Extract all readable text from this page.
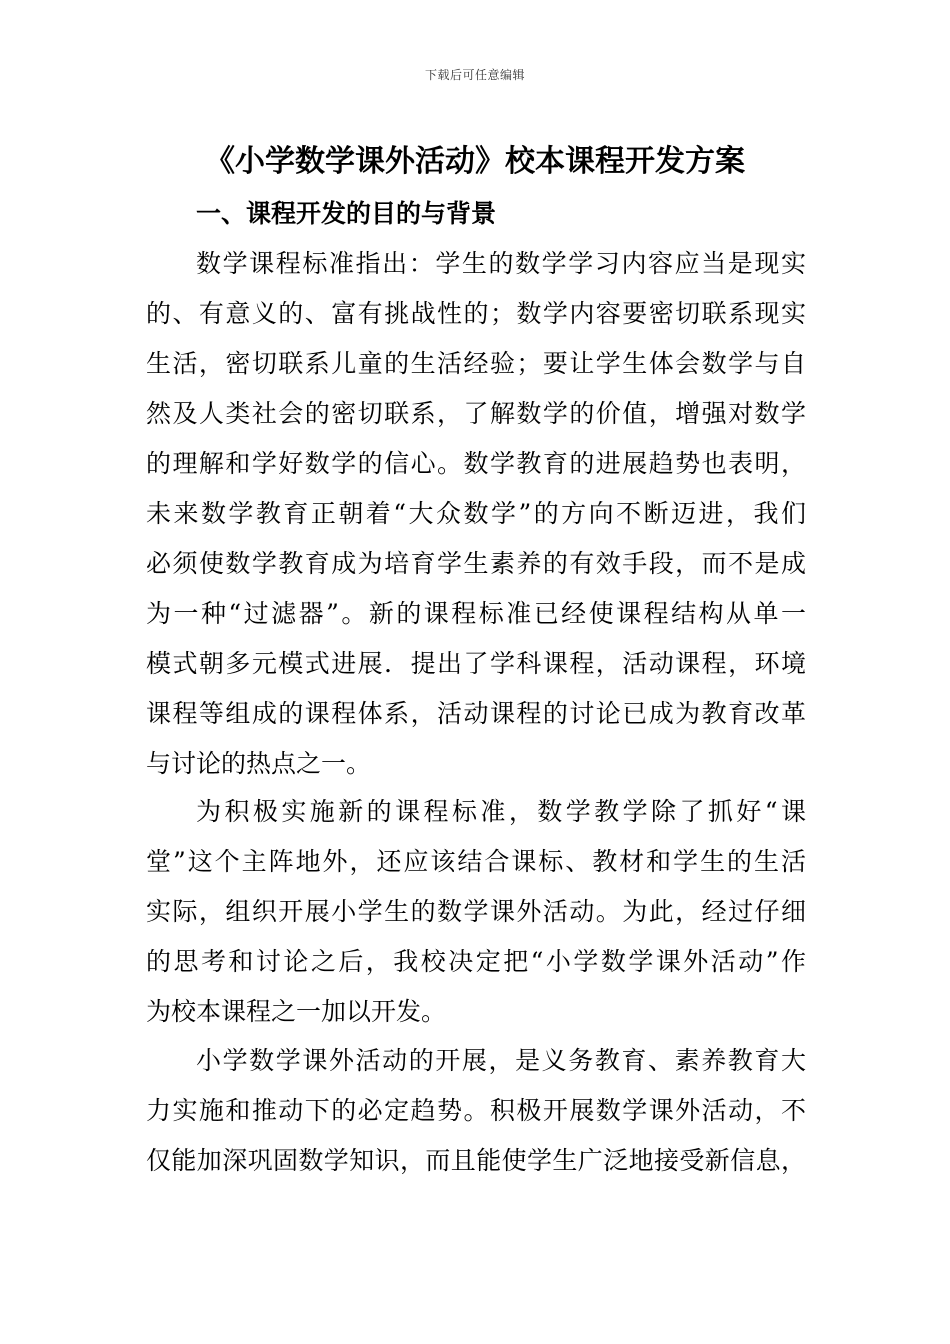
下载后可任意编辑
《小学数学课外活动》校本课程开发方案
一、课程开发的目的与背景
数学课程标准指出：学生的数学学习内容应当是现实
的、有意义的、富有挑战性的；数学内容要密切联系现实
生活，密切联系儿童的生活经验；要让学生体会数学与自
然及人类社会的密切联系，了解数学的价值，增强对数学
的理解和学好数学的信心。数学教育的进展趋势也表明，
未来数学教育正朝着“大众数学”的方向不断迈进，我们
必须使数学教育成为培育学生素养的有效手段，而不是成
为一种“过滤器”。新的课程标准已经使课程结构从单一
模式朝多元模式进展．提出了学科课程，活动课程，环境
课程等组成的课程体系，活动课程的讨论已成为教育改革
与讨论的热点之一。
为积极实施新的课程标准，数学教学除了抓好“课
堂”这个主阵地外，还应该结合课标、教材和学生的生活
实际，组织开展小学生的数学课外活动。为此，经过仔细
的思考和讨论之后，我校决定把“小学数学课外活动”作
为校本课程之一加以开发。
小学数学课外活动的开展，是义务教育、素养教育大
力实施和推动下的必定趋势。积极开展数学课外活动，不
仅能加深巩固数学知识，而且能使学生广泛地接受新信息，
